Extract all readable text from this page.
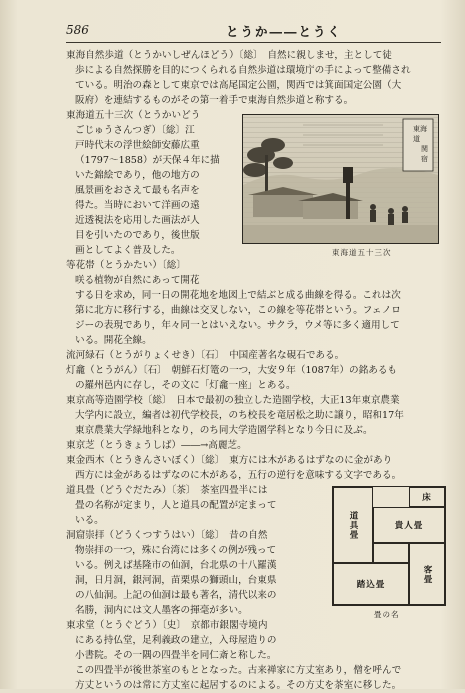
586	とうか――とうく
東海自然歩道（とうかいしぜんほどう）〔総〕　自然に親しませ，主として徒
歩による自然探勝を目的につくられる自然歩道は環境庁の手によって整備され
ている。明治の森として東京では高尾国定公園，関西では箕面国定公園（大
阪府）を連結するものがその第一着手で東海自然歩道と称する。
東海道五十三次（とうかいどう
ごじゅうさんつぎ）〔総〕江
戸時代末の浮世絵師安藤広重
（1797～1858）が天保４年に描
いた錦絵であり，他の地方の
風景画をおさえて最も名声を
得た。当時において洋画の遠
近透視法を応用した画法が人
目を引いたのであり，後世版
画としてよく普及した。
等花帯（とうかたい）〔総〕
咲る植物が自然にあって開花
する日を求め，同一日の開花地を地図上で結ぶと成る曲線を得る。これは次
第に北方に移行する，曲線は交叉しない，この線を等花帯という。フェノロ
ジーの表現であり，年々同一とはいえない。サクラ，ウメ等に多く適用して
いる。開花全線。
流河緑石（とうがりょくせき）〔石〕　中国産著名な硯石である。
灯龕（とうがん）〔石〕　朝鮮石灯篭の一つ，大安９年（1087年）の銘あるも
の羅州邑内に存し，その文に「灯龕一座」とある。
東京高等造園学校〔総〕　日本で最初の独立した造園学校，大正13年東京農業
大学内に設立，編者は初代学校長，のち校長を竜居松之助に譲り，昭和17年
東京農業大学緑地科となり，のち同大学造園学科となり今日に及ぶ。
東京芝（とうきょうしば）――→高麗芝。
東金西木（とうきんさいぼく）〔総〕　東方には木があるはずなのに金があり
西方には金があるはずなのに木がある，五行の逆行を意味する文字である。
道具畳（どうぐだたみ）〔茶〕　茶室四畳半には
畳の名称が定まり，人と道具の配置が定まって
いる。
洞窟崇拝（どうくつすうはい）〔総〕　昔の自然
物崇拝の一つ，殊に台湾には多くの例が残って
いる。例えば基隆市の仙洞，台北県の十八羅漢
洞，日月洞，銀河洞，苗栗県の獅頭山，台東県
の八仙洞。上記の仙洞は最も著名，清代以来の
名勝，洞内には文人墨客の揮毫が多い。
東求堂（とうぐどう）〔史〕　京都市銀閣寺境内
にある持仏堂，足利義政の建立，入母屋造りの
小書院。その一隅の四畳半を同仁斎と称した。
この四畳半が後世茶室のもととなった。古来禅家に方丈室あり，僧を呼んで
方丈というのは常に方丈室に起居するのによる。その方丈を茶室に移した。
東海
道
関
宿
東海道五十三次
床
貴人畳
道具畳
客畳
踏込畳
畳の名
